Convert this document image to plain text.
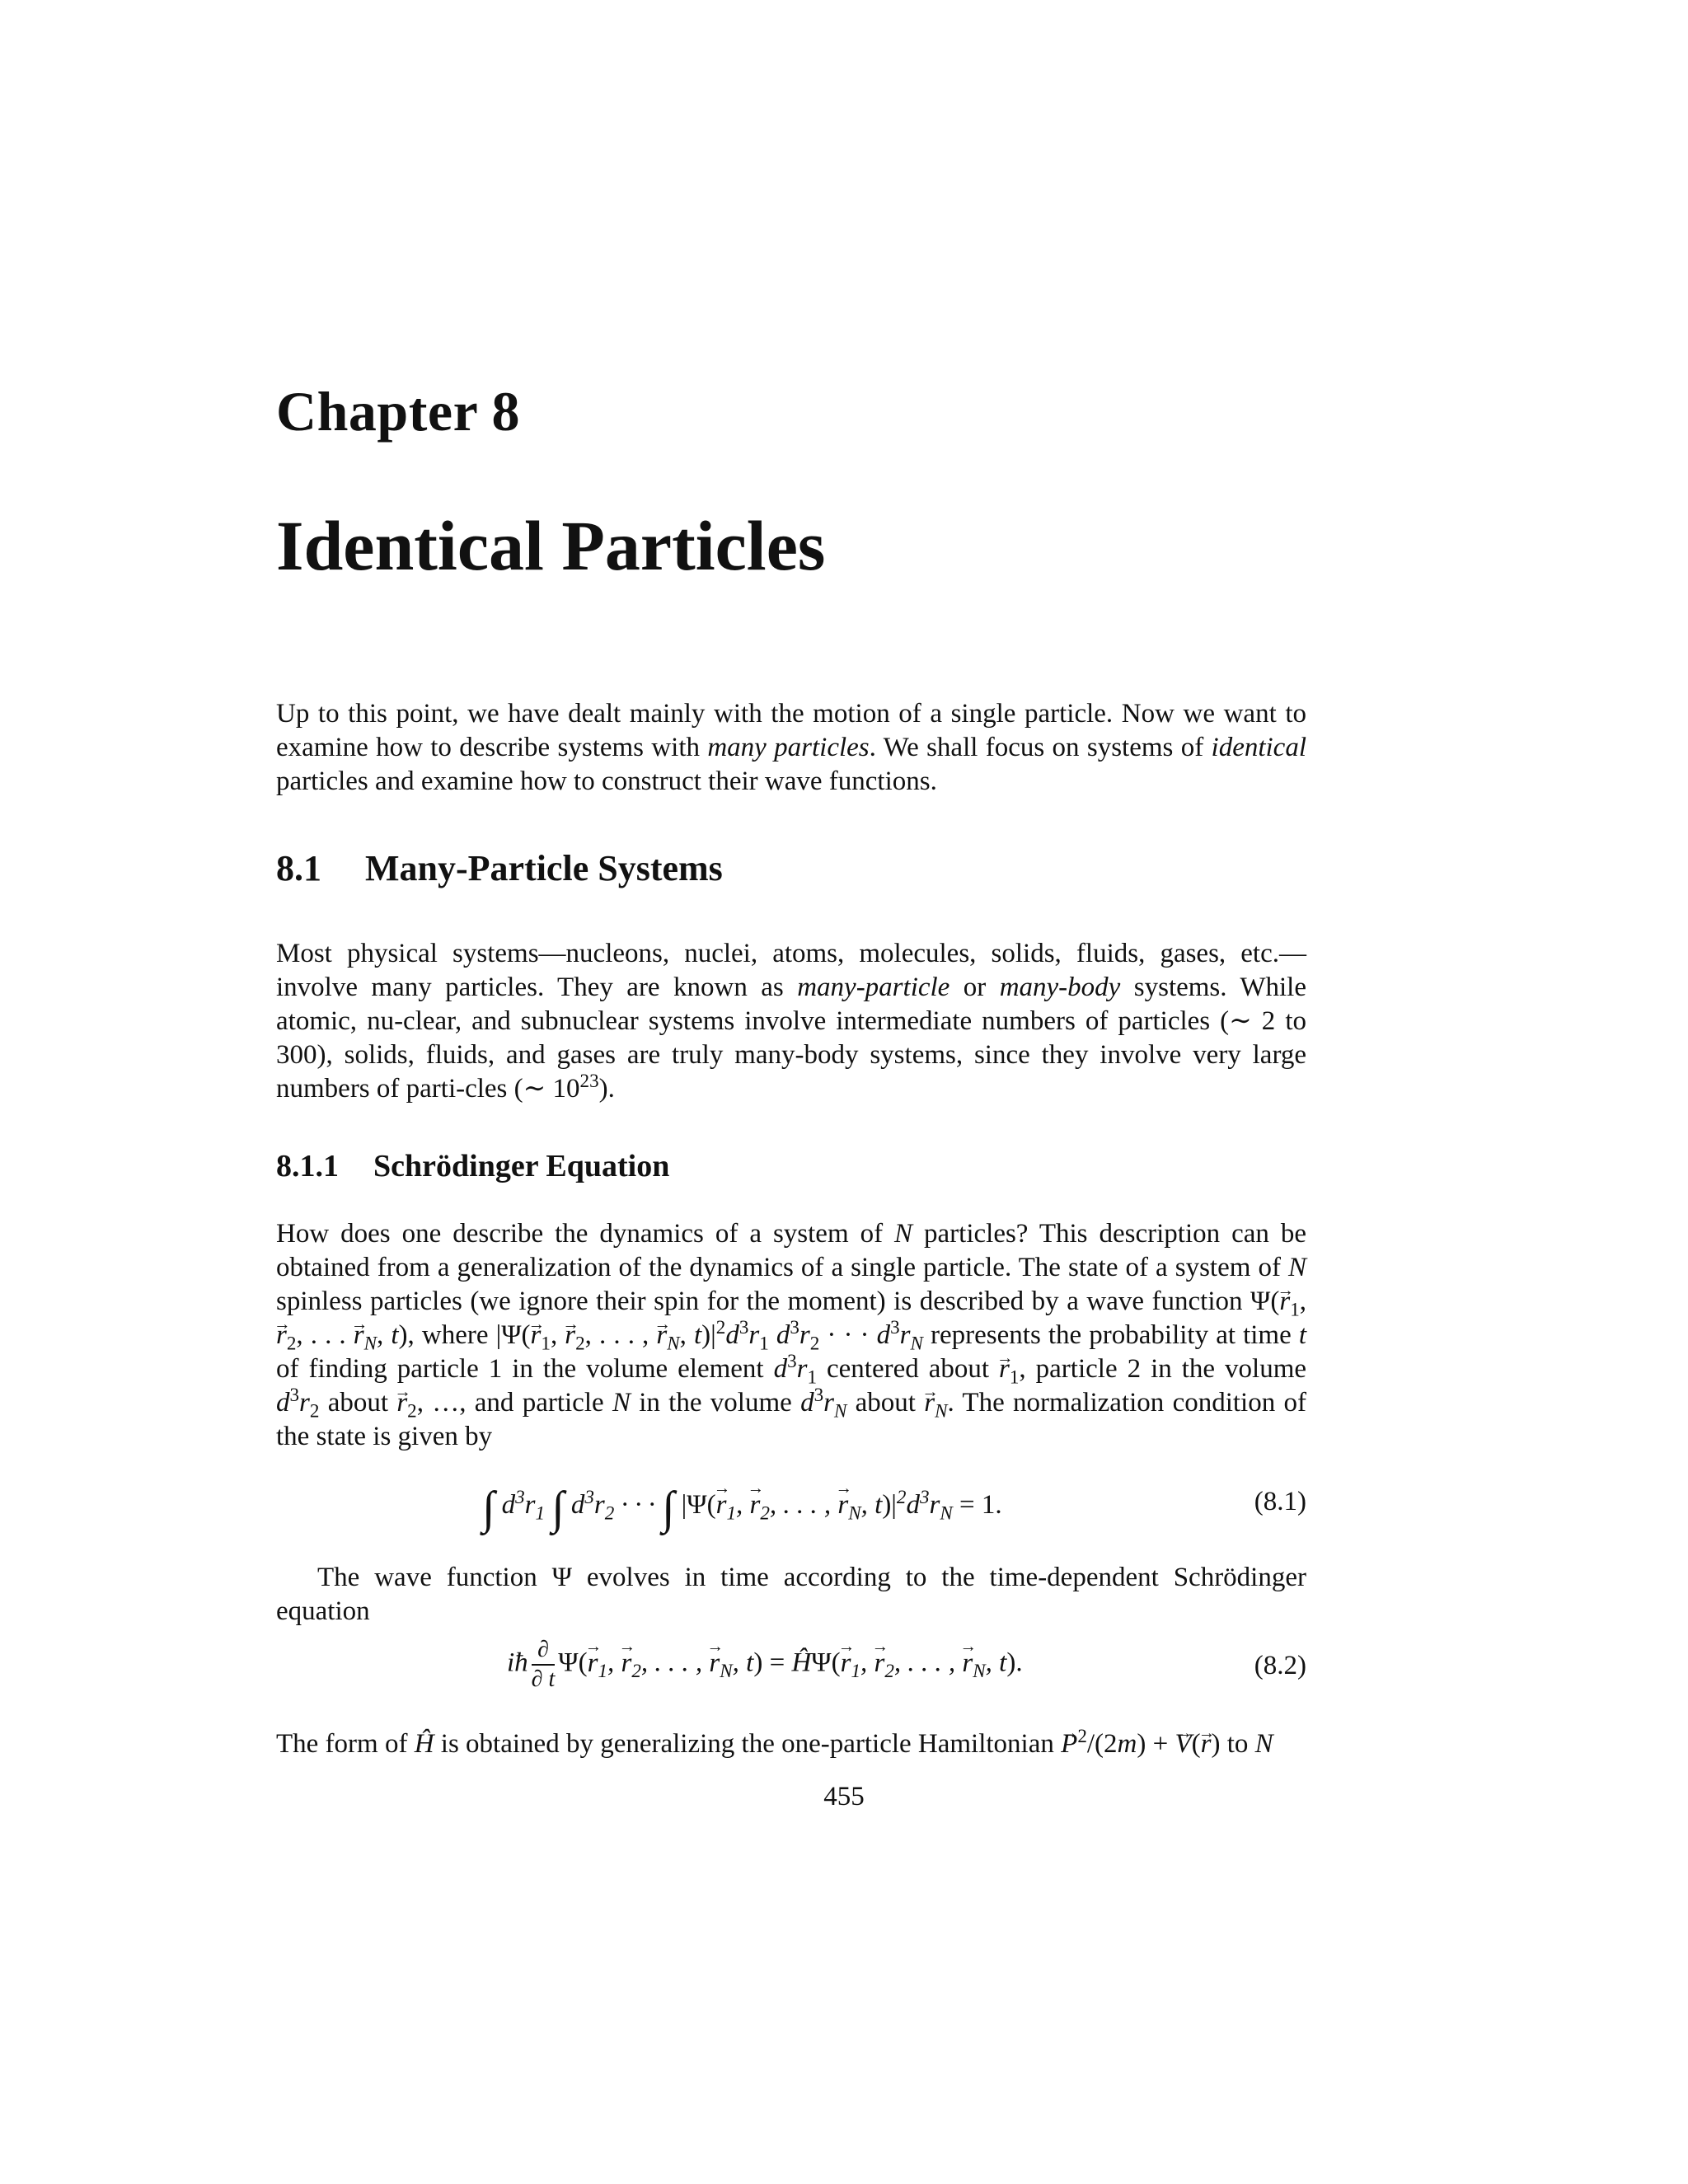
Chapter 8
Identical Particles
Up to this point, we have dealt mainly with the motion of a single particle. Now we want to examine how to describe systems with many particles. We shall focus on systems of identical particles and examine how to construct their wave functions.
8.1 Many-Particle Systems
Most physical systems—nucleons, nuclei, atoms, molecules, solids, fluids, gases, etc.—involve many particles. They are known as many-particle or many-body systems. While atomic, nu-clear, and subnuclear systems involve intermediate numbers of particles (∼ 2 to 300), solids, fluids, and gases are truly many-body systems, since they involve very large numbers of parti-cles (∼ $10^{23}$).
8.1.1 Schrödinger Equation
How does one describe the dynamics of a system of N particles? This description can be obtained from a generalization of the dynamics of a single particle. The state of a system of N spinless particles (we ignore their spin for the moment) is described by a wave function $\Psi(\to r_1$, → $r_2$, . . . → $r_N$, t), where $|\Psi(\to r_1$, → $r_2$, . . . , → $r_N$, $t)|^2d^3r_1$ $d^3r_2$ · · · $d^3r_N$ represents the probability at time t of finding particle 1 in the volume element $d^3r_1$ centered about → $r_1$, particle 2 in the volume $d^3r_2$ about → $r_2$, …, and particle N in the volume $d^3r_N$ about → $r_N$. The normalization condition of the state is given by
∫ $d^3r_1$ ∫ $d^3r_2$ · · · ∫ $|\Psi(\to r_1$, → $r_2$, . . . , → $r_N$, $t)|^2d^3r_N = 1$.	(8.1)
The wave function Ψ evolves in time according to the time-dependent Schrödinger equation
iħ $\frac{\partial}{\partial t} \Psi(\to r_1$, → $r_2$, . . . , → $r_N$, t) = ĤΨ(→ $r_1$, → $r_2$, . . . , → $r_N$, t).	(8.2)
The form of Ĥ is obtained by generalizing the one-particle Hamiltonian → $P^2/(2m)$ + → V(→ r) to N
455
